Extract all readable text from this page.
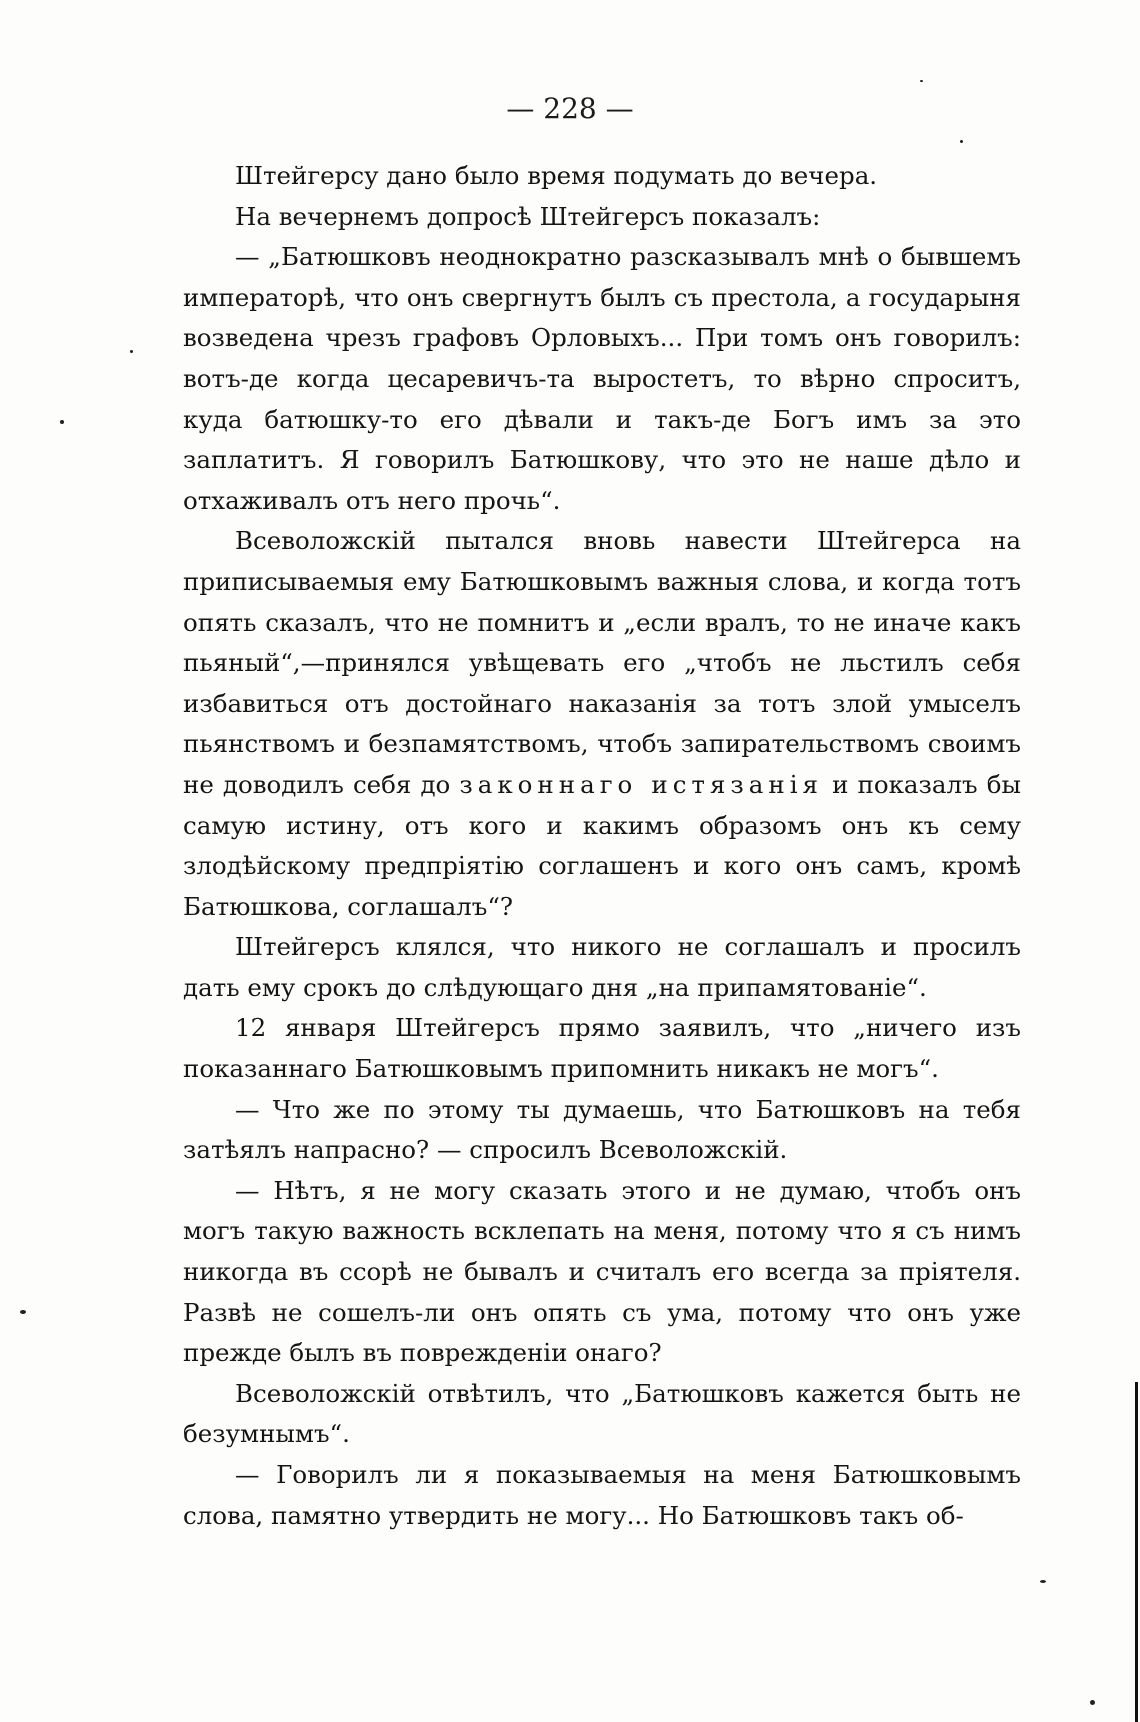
— 228 —

Штейгерсу дано было время подумать до вечера.

На вечернемъ допросѣ Штейгерсъ показалъ:

— „Батюшковъ неоднократно разсказывалъ мнѣ о бывшемъ императорѣ, что онъ свергнутъ былъ съ престола, а государыня возведена чрезъ графовъ Орловыхъ... При томъ онъ говорилъ: вотъ-де когда цесаревичъ-та выростетъ, то вѣрно спроситъ, куда батюшку-то его дѣвали и такъ-де Богъ имъ за это заплатитъ. Я говорилъ Батюшкову, что это не наше дѣло и отхаживалъ отъ него прочь“.

Всеволожскій пытался вновь навести Штейгерса на приписываемыя ему Батюшковымъ важныя слова, и когда тотъ опять сказалъ, что не помнитъ и „если вралъ, то не иначе какъ пьяный“,—принялся увѣщевать его „чтобъ не льстилъ себя избавиться отъ достойнаго наказанія за тотъ злой умыселъ пьянствомъ и безпамятствомъ, чтобъ запирательствомъ своимъ не доводилъ себя до законнаго истязанія и показалъ бы самую истину, отъ кого и какимъ образомъ онъ къ сему злодѣйскому предпріятію соглашенъ и кого онъ самъ, кромѣ Батюшкова, соглашалъ“?

Штейгерсъ клялся, что никого не соглашалъ и просилъ дать ему срокъ до слѣдующаго дня „на припамятованіе“.

12 января Штейгерсъ прямо заявилъ, что „ничего изъ показаннаго Батюшковымъ припомнить никакъ не могъ“.

— Что же по этому ты думаешь, что Батюшковъ на тебя затѣялъ напрасно? — спросилъ Всеволожскій.

— Нѣтъ, я не могу сказать этого и не думаю, чтобъ онъ могъ такую важность всклепать на меня, потому что я съ нимъ никогда въ ссорѣ не бывалъ и считалъ его всегда за пріятеля. Развѣ не сошелъ-ли онъ опять съ ума, потому что онъ уже прежде былъ въ поврежденіи онаго?

Всеволожскій отвѣтилъ, что „Батюшковъ кажется быть не безумнымъ“.

— Говорилъ ли я показываемыя на меня Батюшковымъ слова, памятно утвердить не могу... Но Батюшковъ такъ об-
